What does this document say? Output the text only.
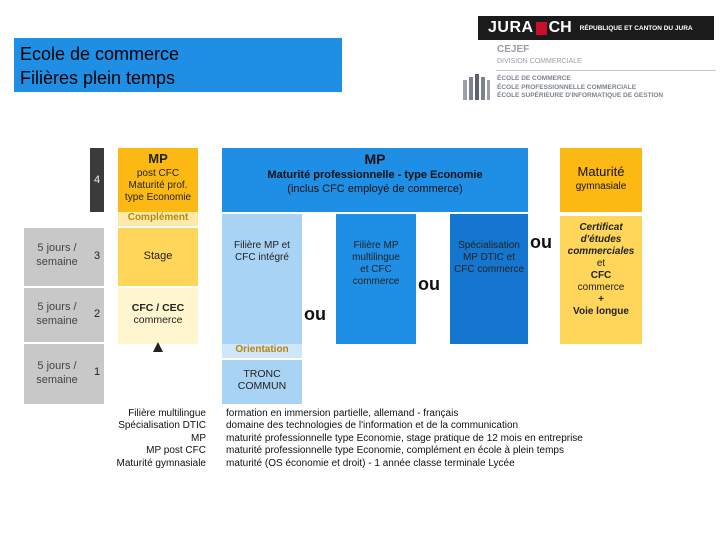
Ecole de commerce
Filières plein temps
JURA CH RÉPUBLIQUE ET CANTON DU JURA
CEJEF
DIVISION COMMERCIALE
ÉCOLE DE COMMERCE
ÉCOLE PROFESSIONNELLE COMMERCIALE
ÉCOLE SUPÉRIEURE D'INFORMATIQUE DE GESTION
4
5 jours / semaine	3
5 jours / semaine
2
5 jours / semaine
1
MP
post CFC Maturité prof. type Economie
Complément
Stage
CFC / CEC
commerce
MP
Maturité professionnelle - type Economie
(inclus CFC employé de commerce)
Filière MP et CFC intégré
Filière MP multilingue et CFC commerce
Spécialisation MP DTIC et CFC commerce
ou
ou
ou
Maturité
gymnasiale
Certificat d'études commerciales
et
CFC
commerce
+
Voie longue
Orientation
TRONC COMMUN
Filière multilingue
Spécialisation DTIC
MP
MP post CFC
Maturité gymnasiale
formation en immersion partielle, allemand - français
domaine des technologies de l'information et de la communication
maturité professionnelle type Economie, stage pratique de 12 mois en entreprise
maturité professionnelle type Economie, complément en école à plein temps
maturité (OS économie et droit) - 1 année classe terminale Lycée
